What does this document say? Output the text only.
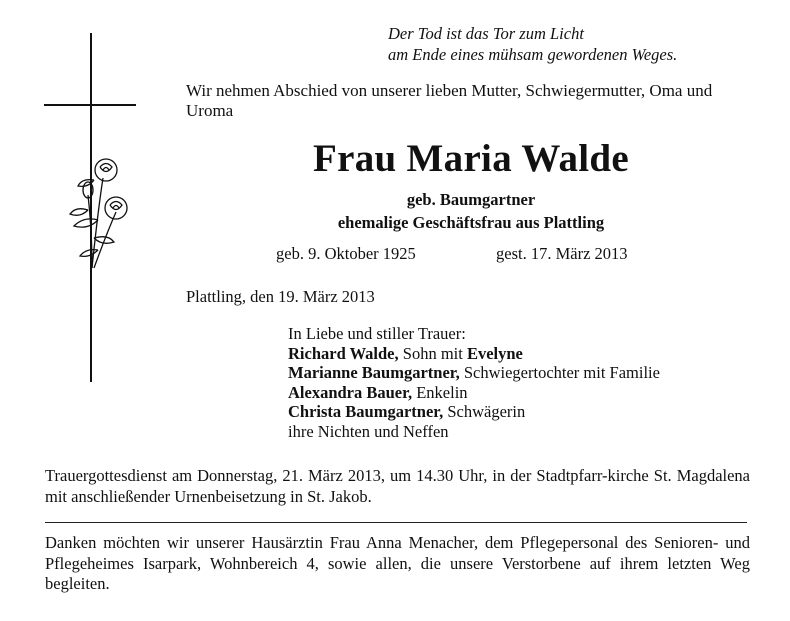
Der Tod ist das Tor zum Licht
am Ende eines mühsam gewordenen Weges.
Wir nehmen Abschied von unserer lieben Mutter, Schwiegermutter, Oma und Uroma
Frau Maria Walde
geb. Baumgartner
ehemalige Geschäftsfrau aus Plattling
geb. 9. Oktober 1925	gest. 17. März 2013
Plattling, den 19. März 2013
In Liebe und stiller Trauer:
Richard Walde, Sohn mit Evelyne
Marianne Baumgartner, Schwiegertochter mit Familie
Alexandra Bauer, Enkelin
Christa Baumgartner, Schwägerin
ihre Nichten und Neffen
Trauergottesdienst am Donnerstag, 21. März 2013, um 14.30 Uhr, in der Stadtpfarr-kirche St. Magdalena mit anschließender Urnenbeisetzung in St. Jakob.
Danken möchten wir unserer Hausärztin Frau Anna Menacher, dem Pflegepersonal des Senioren- und Pflegeheimes Isarpark, Wohnbereich 4, sowie allen, die unsere Verstorbene auf ihrem letzten Weg begleiten.
